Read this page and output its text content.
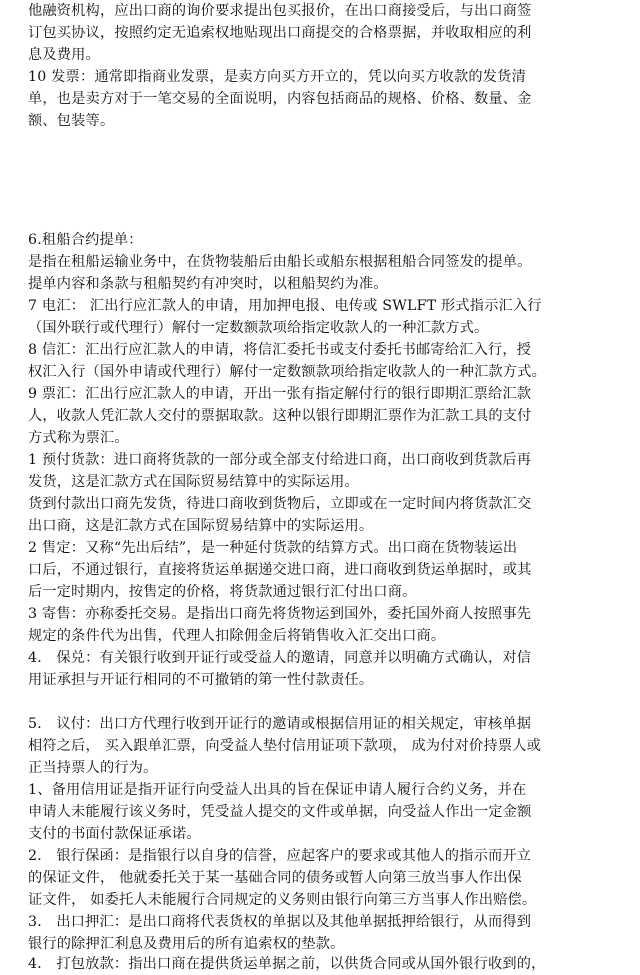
他融资机构，应出口商的询价要求提出包买报价，在出口商接受后，与出口商签
订包买协议，按照约定无追索权地贴现出口商提交的合格票据，并收取相应的利
息及费用。
10 发票：通常即指商业发票，是卖方向买方开立的，凭以向买方收款的发货清
单，也是卖方对于一笔交易的全面说明，内容包括商品的规格、价格、数量、金
额、包装等。
6.租船合约提单：
是指在租船运输业务中，在货物装船后由船长或船东根据租船合同签发的提单。
提单内容和条款与租船契约有冲突时，以租船契约为准。
7 电汇： 汇出行应汇款人的申请，用加押电报、电传或 SWLFT 形式指示汇入行
（国外联行或代理行）解付一定数额款项给指定收款人的一种汇款方式。
8 信汇：汇出行应汇款人的申请，将信汇委托书或支付委托书邮寄给汇入行，授
权汇入行（国外申请或代理行）解付一定数额款项给指定收款人的一种汇款方式。
9 票汇：汇出行应汇款人的申请，开出一张有指定解付行的银行即期汇票给汇款
人，收款人凭汇款人交付的票据取款。这种以银行即期汇票作为汇款工具的支付
方式称为票汇。
1 预付货款：进口商将货款的一部分或全部支付给进口商，出口商收到货款后再
发货，这是汇款方式在国际贸易结算中的实际运用。
货到付款出口商先发货，待进口商收到货物后，立即或在一定时间内将货款汇交
出口商，这是汇款方式在国际贸易结算中的实际运用。
2 售定：又称“先出后结”，是一种延付货款的结算方式。出口商在货物装运出
口后，不通过银行，直接将货运单据递交进口商，进口商收到货运单据时，或其
后一定时期内，按售定的价格，将货款通过银行汇付出口商。
3 寄售：亦称委托交易。是指出口商先将货物运到国外，委托国外商人按照事先
规定的条件代为出售，代理人扣除佣金后将销售收入汇交出口商。
4． 保兑：有关银行收到开证行或受益人的邀请，同意并以明确方式确认，对信
用证承担与开证行相同的不可撤销的第一性付款责任。
5． 议付：出口方代理行收到开证行的邀请或根据信用证的相关规定，审核单据
相符之后， 买入跟单汇票，向受益人垫付信用证项下款项， 成为付对价持票人或
正当持票人的行为。
1、备用信用证是指开证行向受益人出具的旨在保证申请人履行合约义务，并在
申请人未能履行该义务时，凭受益人提交的文件或单据，向受益人作出一定金额
支付的书面付款保证承诺。
2． 银行保函：是指银行以自身的信誉，应起客户的要求或其他人的指示而开立
的保证文件， 他就委托关于某一基础合同的债务或暂人向第三放当事人作出保
证文件， 如委托人未能履行合同规定的义务则由银行向第三方当事人作出赔偿。
3． 出口押汇：是出口商将代表货权的单据以及其他单据抵押给银行，从而得到
银行的除押汇利息及费用后的所有追索权的垫款。
4． 打包放款：指出口商在提供货运单据之前，以供货合同或从国外银行收到的，
